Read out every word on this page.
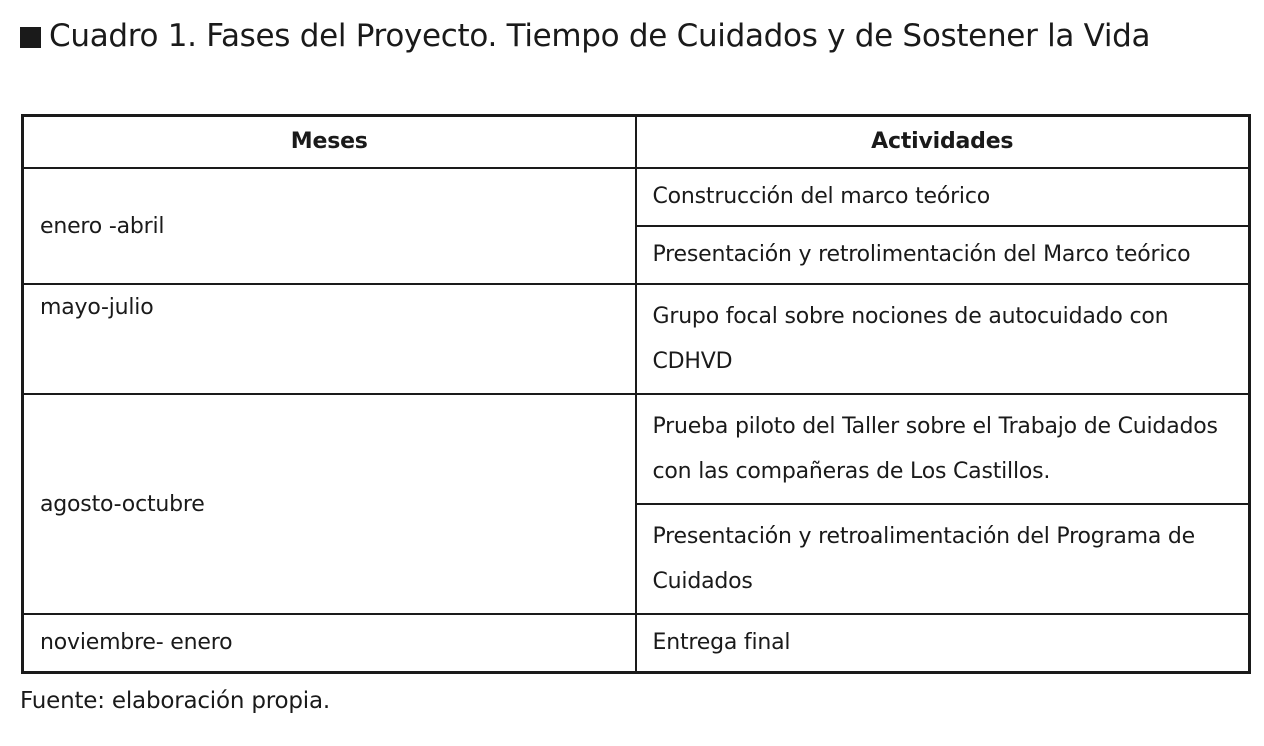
Cuadro 1. Fases del Proyecto. Tiempo de Cuidados y de Sostener la Vida
Meses	Actividades
enero -abril	Construcción del marco teórico
	Presentación y retrolimentación del Marco teórico
mayo-julio	Grupo focal sobre nociones de autocuidado con CDHVD
agosto-octubre	Prueba piloto del Taller sobre el Trabajo de Cuidados con las compañeras de Los Castillos.
	Presentación y retroalimentación del Programa de Cuidados
noviembre- enero	Entrega final
Fuente: elaboración propia.
